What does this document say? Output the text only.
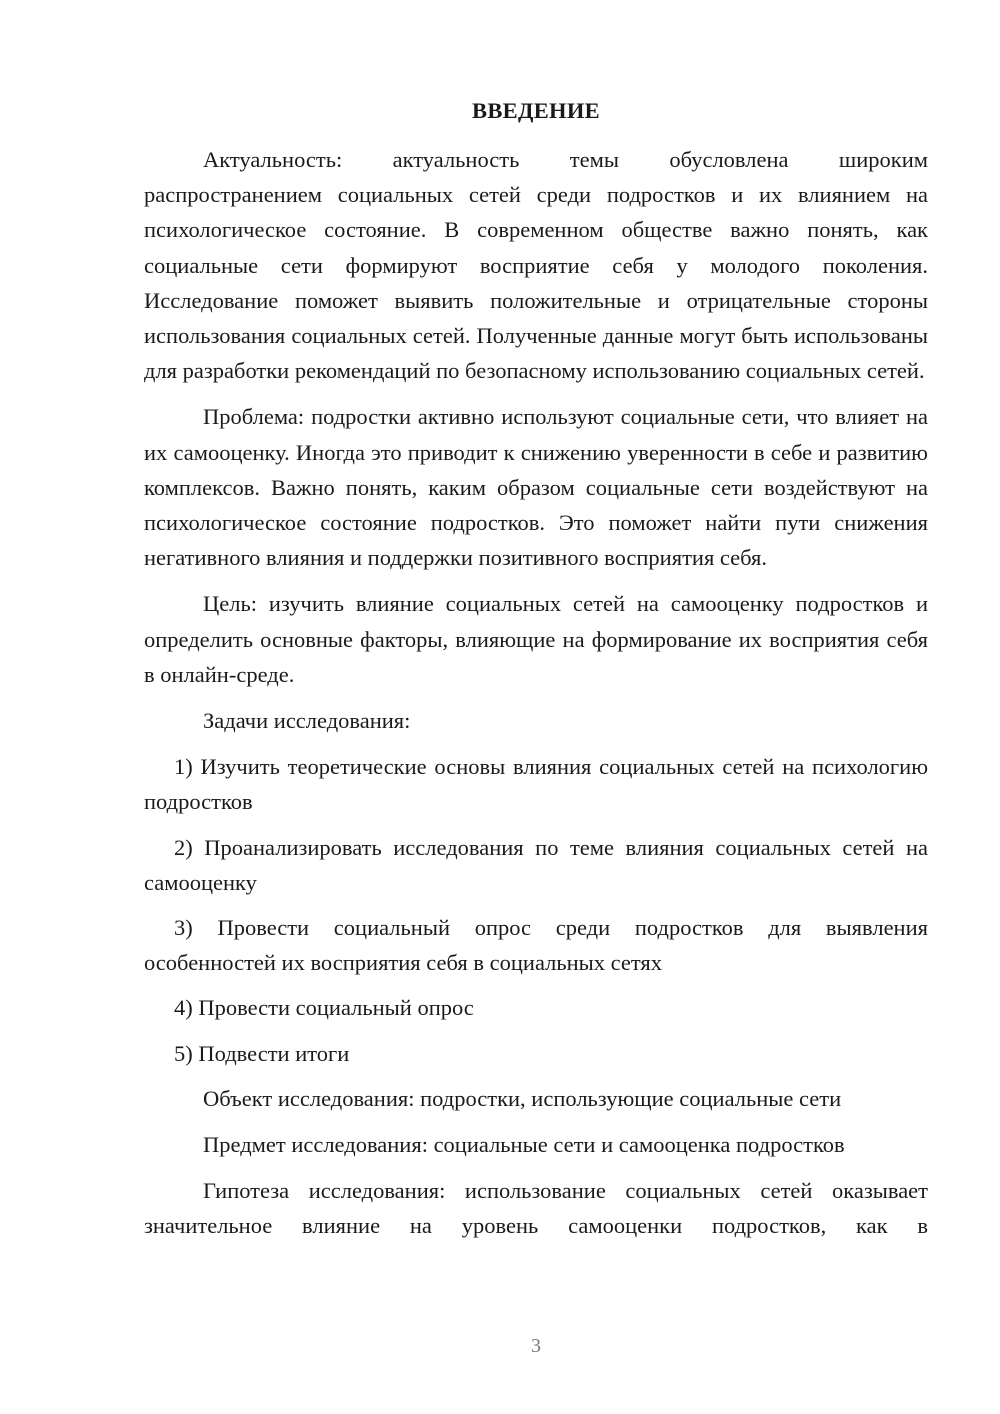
ВВЕДЕНИЕ

Актуальность: актуальность темы обусловлена широким распространением социальных сетей среди подростков и их влиянием на психологическое состояние. В современном обществе важно понять, как социальные сети формируют восприятие себя у молодого поколения. Исследование поможет выявить положительные и отрицательные стороны использования социальных сетей. Полученные данные могут быть использованы для разработки рекомендаций по безопасному использованию социальных сетей.

Проблема: подростки активно используют социальные сети, что влияет на их самооценку. Иногда это приводит к снижению уверенности в себе и развитию комплексов. Важно понять, каким образом социальные сети воздействуют на психологическое состояние подростков. Это поможет найти пути снижения негативного влияния и поддержки позитивного восприятия себя.

Цель: изучить влияние социальных сетей на самооценку подростков и определить основные факторы, влияющие на формирование их восприятия себя в онлайн-среде.

Задачи исследования:

1) Изучить теоретические основы влияния социальных сетей на психологию подростков

2) Проанализировать исследования по теме влияния социальных сетей на самооценку

3) Провести социальный опрос среди подростков для выявления особенностей их восприятия себя в социальных сетях

4) Провести социальный опрос

5) Подвести итоги

Объект исследования: подростки, использующие социальные сети

Предмет исследования: социальные сети и самооценка подростков

Гипотеза исследования: использование социальных сетей оказывает значительное влияние на уровень самооценки подростков, как в

3
